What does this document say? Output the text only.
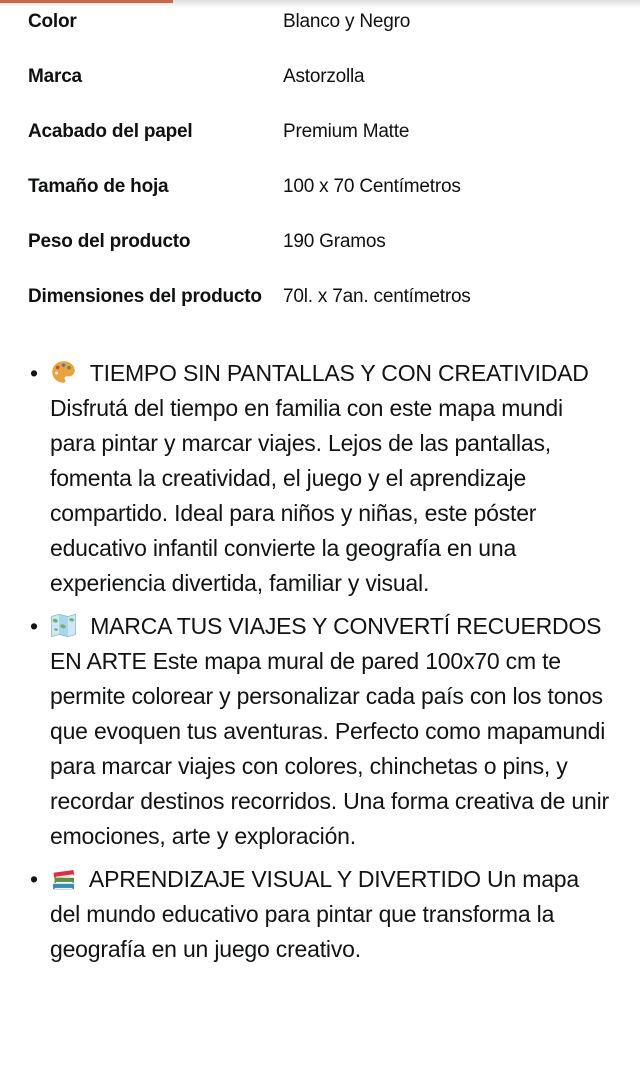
Color	Blanco y Negro
Marca	Astorzolla
Acabado del papel	Premium Matte
Tamaño de hoja	100 x 70 Centímetros
Peso del producto	190 Gramos
Dimensiones del producto	70l. x 7an. centímetros
• TIEMPO SIN PANTALLAS Y CON CREATIVIDAD Disfrutá del tiempo en familia con este mapa mundi para pintar y marcar viajes. Lejos de las pantallas, fomenta la creatividad, el juego y el aprendizaje compartido. Ideal para niños y niñas, este póster educativo infantil convierte la geografía en una experiencia divertida, familiar y visual.
• MARCA TUS VIAJES Y CONVERTÍ RECUERDOS EN ARTE Este mapa mural de pared 100x70 cm te permite colorear y personalizar cada país con los tonos que evoquen tus aventuras. Perfecto como mapamundi para marcar viajes con colores, chinchetas o pins, y recordar destinos recorridos. Una forma creativa de unir emociones, arte y exploración.
• APRENDIZAJE VISUAL Y DIVERTIDO Un mapa del mundo educativo para pintar que transforma la geografía en un juego creativo.
